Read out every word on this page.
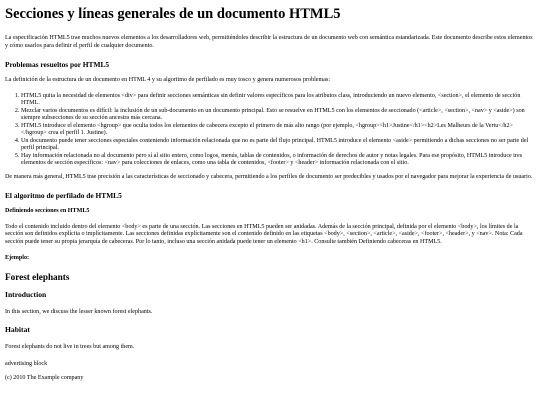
Secciones y líneas generales de un documento HTML5

La especificación HTML5 trae muchos nuevos elementos a los desarrolladores web, permitiéndoles describir la estructura de un documento web con semántica estandarizada. Este documento describe estos elementos y cómo usarlos para definir el perfil de cualquier documento.

Problemas resueltos por HTML5

La definición de la estructura de un documento en HTML 4 y su algoritmo de perfilado es muy tosco y genera numerosos problemas:

1. HTML5 quita la necesidad de elementos <div> para definir secciones semánticas sin definir valores específicos para los atributos class, introduciendo un nuevo elemento, <section>, el elemento de sección HTML.
2. Mezclar varios documentos es difícil: la inclusión de un sub-documento en un documento principal. Esto se resuelve en HTML5 con los elementos de seccionado (<article>, <section>, <nav> y <aside>) son siempre subsecciones de su sección ancestra más cercana.
3. HTML5 introduce el elemento <hgroup> que oculta todos los elementos de cabecera excepto el primero de más alto rango (por ejemplo, <hgroup><h1>Justine</h1><h2>Les Malheurs de la Vertu</h2></hgroup> crea el perfil 1. Justine).
4. Un documento puede tener secciones especiales conteniendo información relacionada que no es parte del flujo principal. HTML5 introduce el elemento <aside> permitiendo a dichas secciones no ser parte del perfil principal.
5. Hay información relacionada no al documento pero sí al sitio entero, como logos, menús, tablas de contenidos, o información de derechos de autor y notas legales. Para ese propósito, HTML5 introduce tres elementos de sección específicos: <nav> para colecciones de enlaces, como una tabla de contenidos, <footer> y <header> información relacionada con el sitio.

De manera más general, HTML5 trae precisión a las características de seccionado y cabecera, permitiendo a los perfiles de documento ser predecibles y usados por el navegador para mejorar la experiencia de usuario.

El algoritmo de perfilado de HTML5
Definiendo secciones en HTML5

Todo el contenido incluido dentro del elemento <body> es parte de una sección. Las secciones en HTML5 pueden ser anidadas. Además de la sección principal, definida por el elemento <body>, los límites de la sección son definidos explícita o implícitamente. Las secciones definidas explícitamente son el contenido definido en las etiquetas <body>, <section>, <article>, <aside>, <footer>, <header>, y <nav>. Nota: Cada sección puede tener su propia jerarquía de cabeceras. Por lo tanto, incluso una sección anidada puede tener un elemento <h1>. Consulte también Definiendo cabeceras en HTML5.

Ejemplo:
Forest elephants
Introduction

In this section, we discuss the lesser known forest elephants.

Habitat

Forest elephants do not live in trees but among them.

advertising block

(c) 2010 The Example company
